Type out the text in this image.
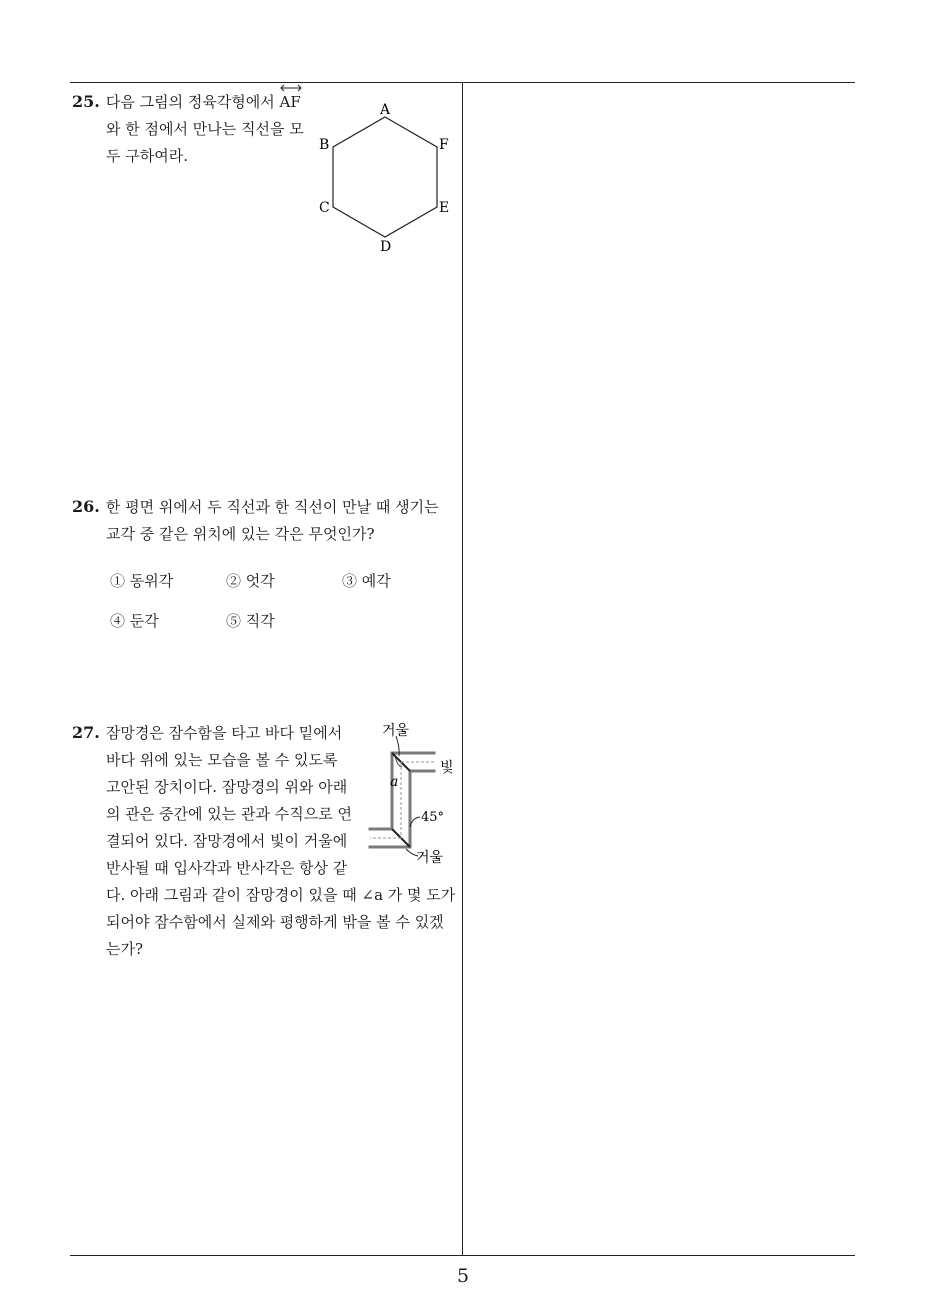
25. 다음 그림의 정육각형에서
AF
와 한 점에서 만나는 직선을 모
두 구하여라.
A
B	F
C	E
D
26. 한 평면 위에서 두 직선과 한 직선이 만날 때 생기는
교각 중 같은 위치에 있는 각은 무엇인가?
① 동위각	② 엇각	③ 예각
④ 둔각	⑤ 직각
27. 잠망경은 잠수함을 타고 바다 밑에서
바다 위에 있는 모습을 볼 수 있도록
고안된 장치이다. 잠망경의 위와 아래
의 관은 중간에 있는 관과 수직으로 연
결되어 있다. 잠망경에서 빛이 거울에
반사될 때 입사각과 반사각은 항상 같
다. 아래 그림과 같이 잠망경이 있을 때 ∠a 가 몇 도가
되어야 잠수함에서 실제와 평행하게 밖을 볼 수 있겠
는가?
거울
빛
a
45°
거울
5
